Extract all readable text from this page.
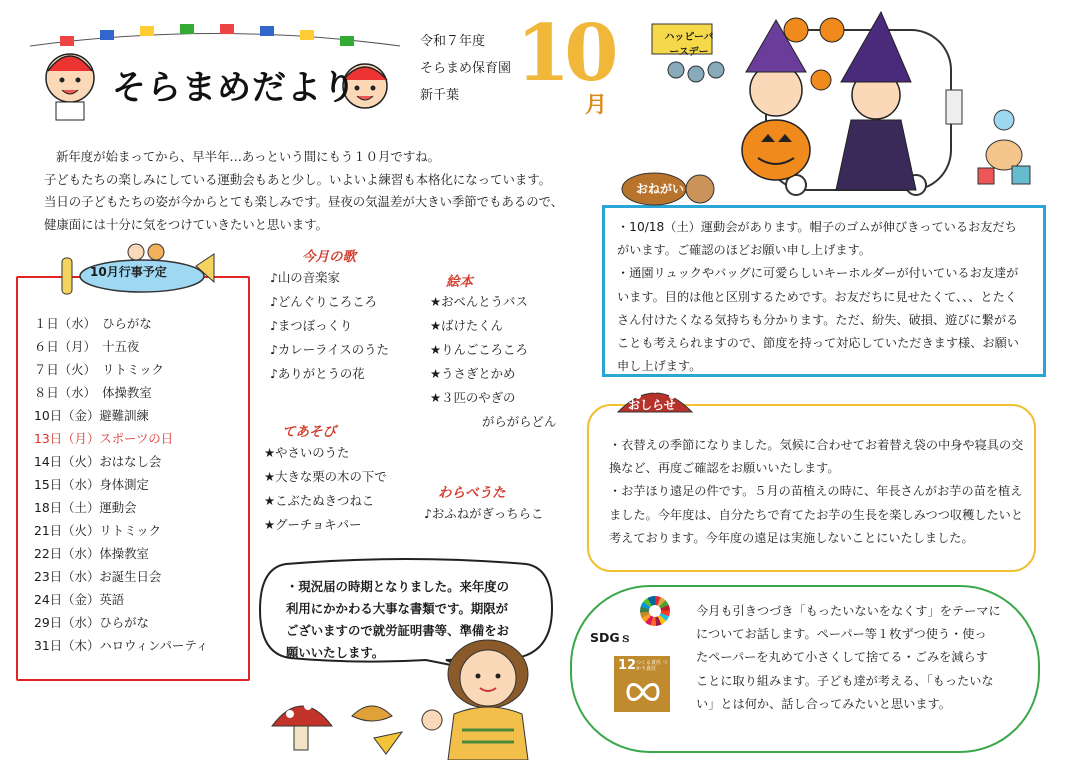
そらまめだより
令和７年度
そらまめ保育園
新千葉 10
月
ハッピーバースデー
新年度が始まってから、早半年…あっという間にもう１０月ですね。
子どもたちの楽しみにしている運動会もあと少し。いよいよ練習も本格化になっています。
当日の子どもたちの姿が今からとても楽しみです。昼夜の気温差が大きい季節でもあるので、
健康面には十分に気をつけていきたいと思います。
１日（水）　ひらがな
６日（月）　十五夜
７日（火）　リトミック
８日（水）　体操教室
10日（金）避難訓練
13日（月）スポーツの日
14日（火）おはなし会
15日（水）身体測定
18日（土）運動会
21日（火）リトミック
22日（水）体操教室
23日（水）お誕生日会
24日（金）英語
29日（水）ひらがな
31日（木）ハロウィンパーティ
10月行事予定
今月の歌
♪山の音楽家
♪どんぐりころころ
♪まつぼっくり
♪カレーライスのうた
♪ありがとうの花
絵本
★おべんとうバス
★ばけたくん
★りんごころころ
★うさぎとかめ
★３匹のやぎの
がらがらどん
てあそび
★やさいのうた
★大きな栗の木の下で
★こぶたぬきつねこ
★グーチョキパー
わらべうた
♪おふねがぎっちらこ
・10/18（土）運動会があります。帽子のゴムが伸びきっているお友だち
がいます。ご確認のほどお願い申し上げます。
・通園リュックやバッグに可愛らしいキーホルダーが付いているお友達が
います。目的は他と区別するためです。お友だちに見せたくて、、、とたく
さん付けたくなる気持ちも分かります。ただ、紛失、破損、遊びに繋がる
ことも考えられますので、節度を持って対応していただきます様、お願い
申し上げます。
おねがい
・衣替えの季節になりました。気候に合わせてお着替え袋の中身や寝具の交
換など、再度ご確認をお願いいたします。
・お芋ほり遠足の件です。５月の苗植えの時に、年長さんがお芋の苗を植え
ました。今年度は、自分たちで育てたお芋の生長を楽しみつつ収穫したいと
考えております。今年度の遠足は実施しないことにいたしました。
おしらせ
SDGｓ
12 つくる責任 つかう責任
今月も引きつづき「もったいないをなくす」をテーマに
についてお話します。ペーパー等１枚ずつ使う・使っ
たペーパーを丸めて小さくして捨てる・ごみを減らす
ことに取り組みます。子ども達が考える、「もったいな
い」とは何か、話し合ってみたいと思います。
・現況届の時期となりました。来年度の
利用にかかわる大事な書類です。期限が
ございますので就労証明書等、準備をお
願いいたします。
